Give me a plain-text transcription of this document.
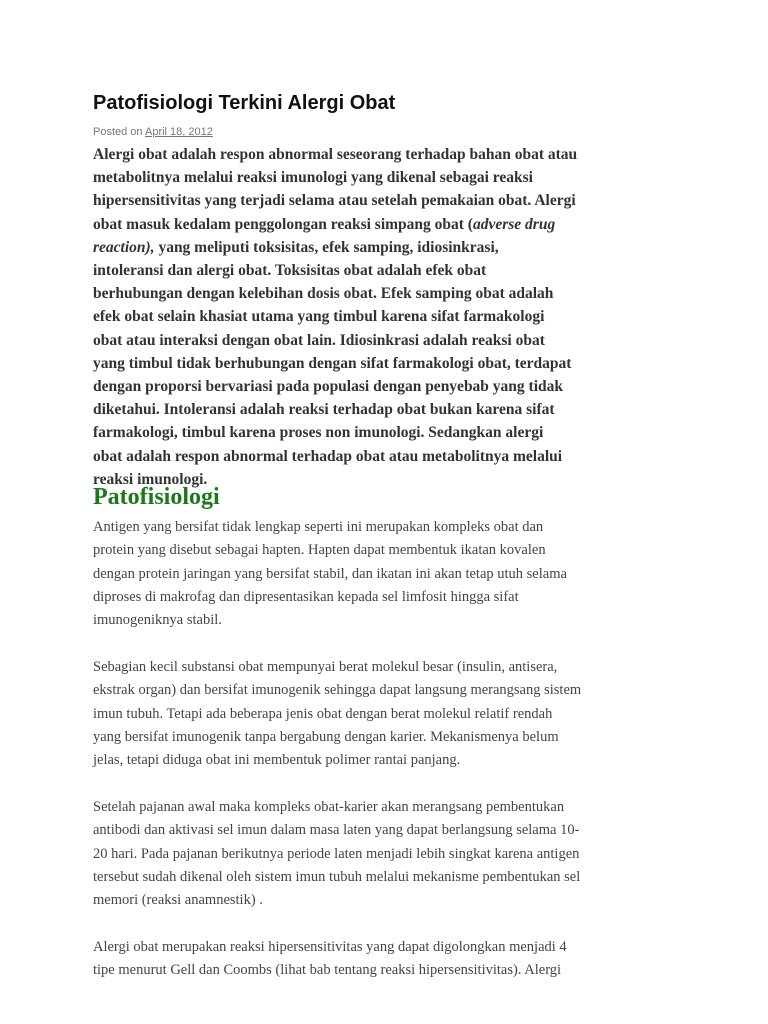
Patofisiologi Terkini Alergi Obat
Posted on April 18, 2012
Alergi obat adalah respon abnormal seseorang terhadap bahan obat atau
metabolitnya melalui reaksi imunologi yang dikenal sebagai reaksi
hipersensitivitas yang terjadi selama atau setelah pemakaian obat. Alergi
obat masuk kedalam penggolongan reaksi simpang obat (adverse drug
reaction), yang meliputi toksisitas, efek samping, idiosinkrasi,
intoleransi dan alergi obat. Toksisitas obat adalah efek obat
berhubungan dengan kelebihan dosis obat. Efek samping obat adalah
efek obat selain khasiat utama yang timbul karena sifat farmakologi
obat atau interaksi dengan obat lain. Idiosinkrasi adalah reaksi obat
yang timbul tidak berhubungan dengan sifat farmakologi obat, terdapat
dengan proporsi bervariasi pada populasi dengan penyebab yang tidak
diketahui. Intoleransi adalah reaksi terhadap obat bukan karena sifat
farmakologi, timbul karena proses non imunologi. Sedangkan alergi
obat adalah respon abnormal terhadap obat atau metabolitnya melalui
reaksi imunologi.
Patofisiologi
Antigen yang bersifat tidak lengkap seperti ini merupakan kompleks obat dan
protein yang disebut sebagai hapten. Hapten dapat membentuk ikatan kovalen
dengan protein jaringan yang bersifat stabil, dan ikatan ini akan tetap utuh selama
diproses di makrofag dan dipresentasikan kepada sel limfosit hingga sifat
imunogeniknya stabil.
Sebagian kecil substansi obat mempunyai berat molekul besar (insulin, antisera,
ekstrak organ) dan bersifat imunogenik sehingga dapat langsung merangsang sistem
imun tubuh. Tetapi ada beberapa jenis obat dengan berat molekul relatif rendah
yang bersifat imunogenik tanpa bergabung dengan karier. Mekanismenya belum
jelas, tetapi diduga obat ini membentuk polimer rantai panjang.
Setelah pajanan awal maka kompleks obat-karier akan merangsang pembentukan
antibodi dan aktivasi sel imun dalam masa laten yang dapat berlangsung selama 10-
20 hari. Pada pajanan berikutnya periode laten menjadi lebih singkat karena antigen
tersebut sudah dikenal oleh sistem imun tubuh melalui mekanisme pembentukan sel
memori (reaksi anamnestik) .
Alergi obat merupakan reaksi hipersensitivitas yang dapat digolongkan menjadi 4
tipe menurut Gell dan Coombs (lihat bab tentang reaksi hipersensitivitas). Alergi
